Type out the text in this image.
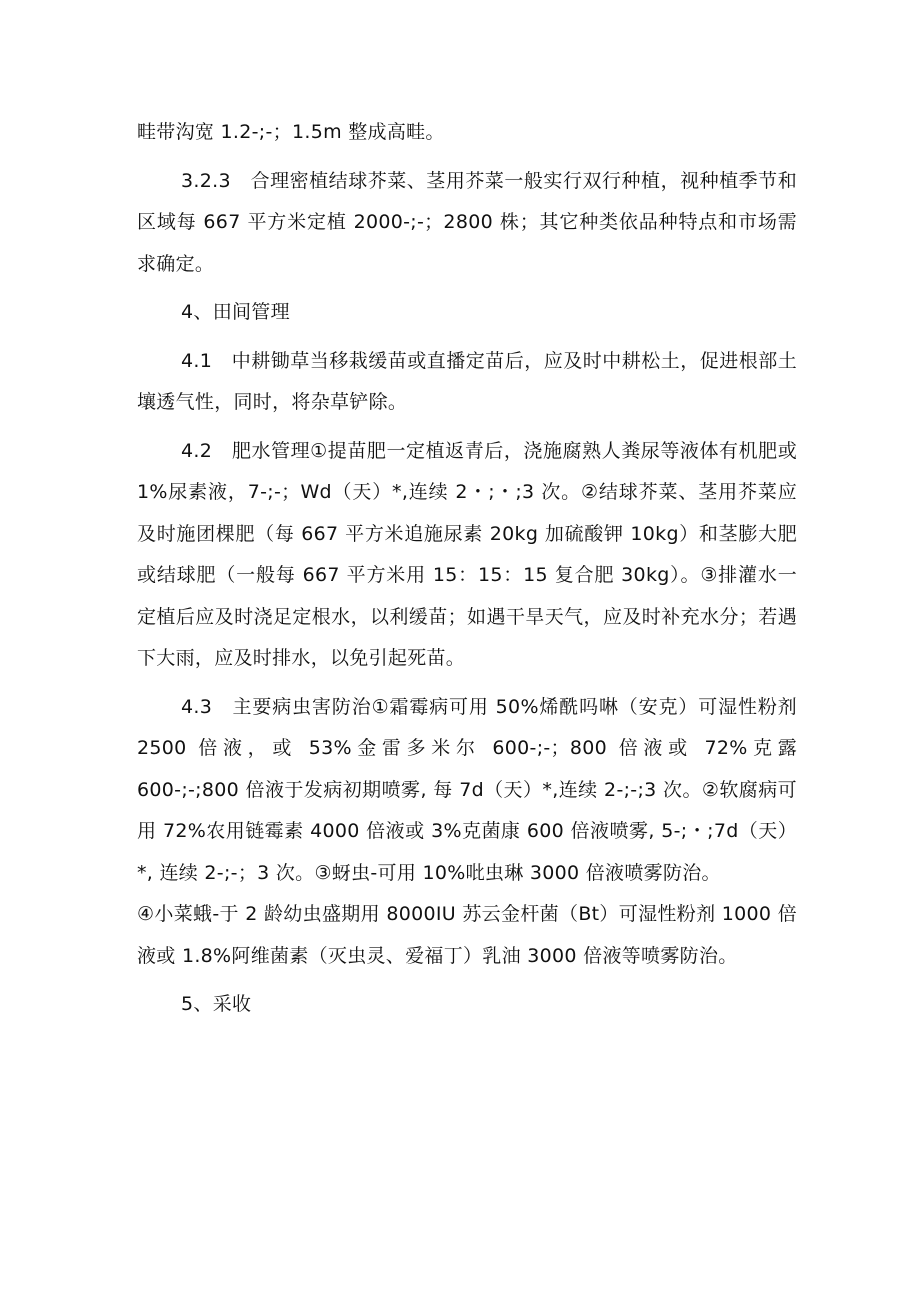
畦带沟宽 1.2-;-；1.5m 整成高畦。

3.2.3　合理密植结球芥菜、茎用芥菜一般实行双行种植，视种植季节和区域每 667 平方米定植 2000-;-；2800 株；其它种类依品种特点和市场需求确定。

4、田间管理

4.1　中耕锄草当移栽缓苗或直播定苗后，应及时中耕松土，促进根部土壤透气性，同时，将杂草铲除。

4.2　肥水管理①提苗肥一定植返青后，浇施腐熟人粪尿等液体有机肥或 1%尿素液，7-;-；Wd（天）*,连续 2・;・;3 次。②结球芥菜、茎用芥菜应及时施团棵肥（每 667 平方米追施尿素 20kg 加硫酸钾 10kg）和茎膨大肥或结球肥（一般每 667 平方米用 15：15：15 复合肥 30kg）。③排灌水一定植后应及时浇足定根水，以利缓苗；如遇干旱天气，应及时补充水分；若遇下大雨，应及时排水，以免引起死苗。

4.3　主要病虫害防治①霜霉病可用 50%烯酰吗啉（安克）可湿性粉剂 2500 倍液，或 53%金雷多米尔 600-;-；800 倍液或 72%克露 600-;-;800 倍液于发病初期喷雾, 每 7d（天）*,连续 2-;-;3 次。②软腐病可用 72%农用链霉素 4000 倍液或 3%克菌康 600 倍液喷雾, 5-;・;7d（天）*, 连续 2-;-；3 次。③蚜虫-可用 10%吡虫琳 3000 倍液喷雾防治。

④小菜蛾-于 2 龄幼虫盛期用 8000IU 苏云金杆菌（Bt）可湿性粉剂 1000 倍液或 1.8%阿维菌素（灭虫灵、爱福丁）乳油 3000 倍液等喷雾防治。

5、采收
